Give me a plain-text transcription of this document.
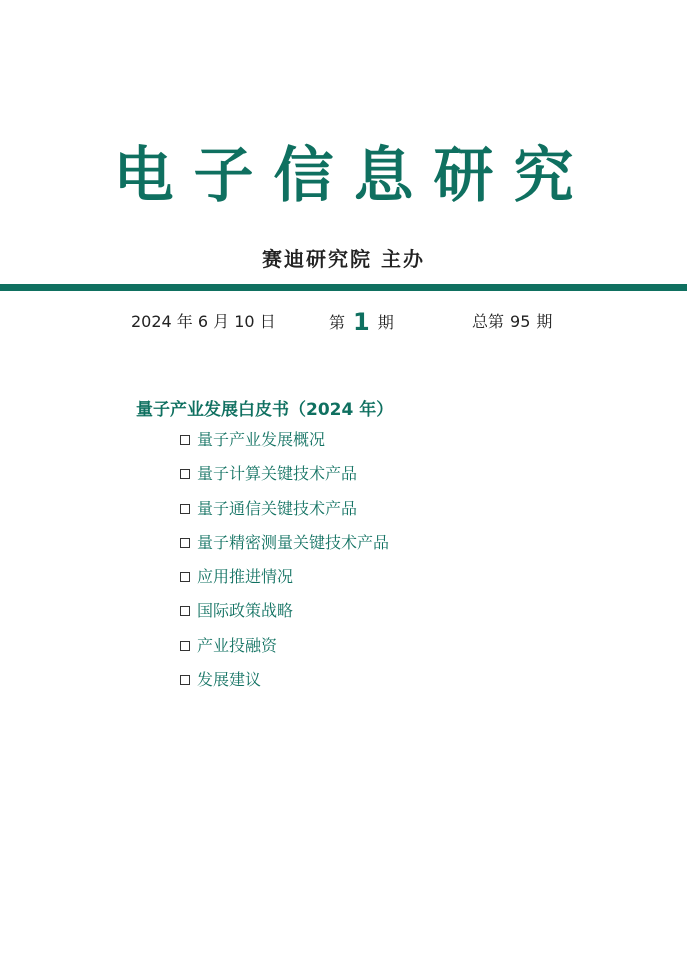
电子信息研究
赛迪研究院 主办
2024 年 6 月 10 日	第 1 期	总第 95 期
量子产业发展白皮书（2024 年）
量子产业发展概况
量子计算关键技术产品
量子通信关键技术产品
量子精密测量关键技术产品
应用推进情况
国际政策战略
产业投融资
发展建议
